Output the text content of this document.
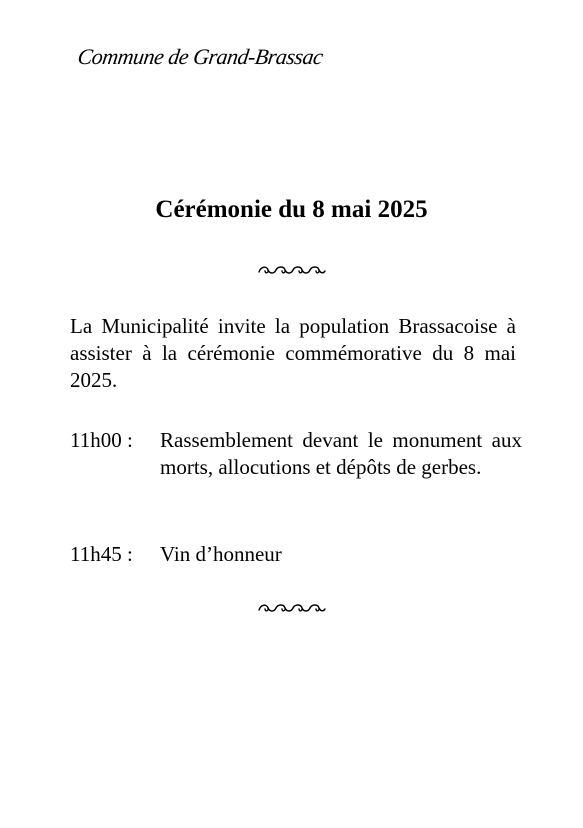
Commune de Grand-Brassac
Cérémonie du 8 mai 2025
La Municipalité invite la population Brassacoise à assister à la cérémonie commémorative du 8 mai 2025.
11h00 :	Rassemblement devant le monument aux morts, allocutions et dépôts de gerbes.
11h45 :	Vin d’honneur
